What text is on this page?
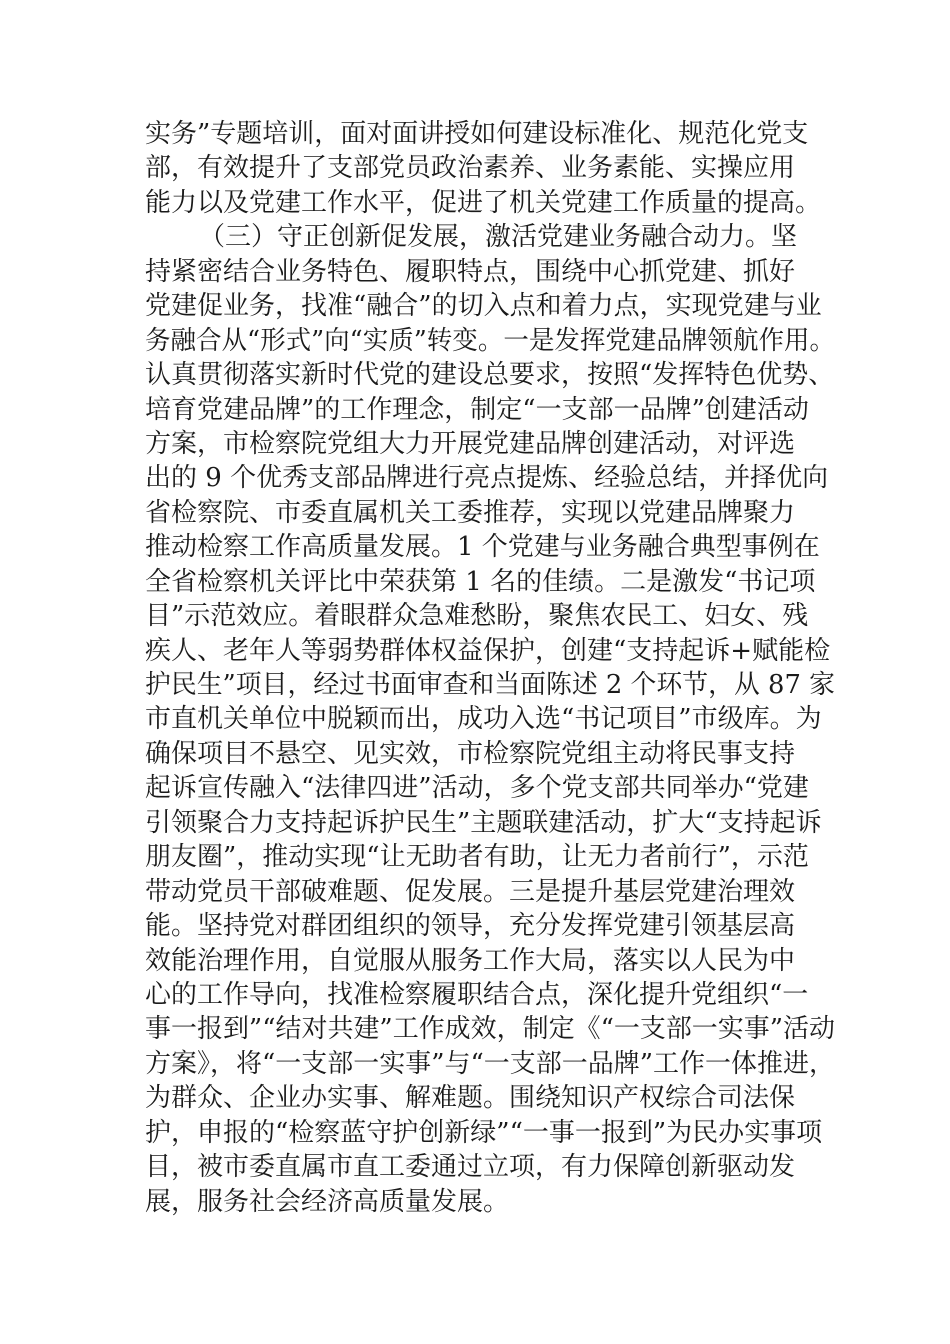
实务”专题培训，面对面讲授如何建设标准化、规范化党支
部，有效提升了支部党员政治素养、业务素能、实操应用
能力以及党建工作水平，促进了机关党建工作质量的提高。
（三）守正创新促发展，激活党建业务融合动力。坚
持紧密结合业务特色、履职特点，围绕中心抓党建、抓好
党建促业务，找准“融合”的切入点和着力点，实现党建与业
务融合从“形式”向“实质”转变。一是发挥党建品牌领航作用。
认真贯彻落实新时代党的建设总要求，按照“发挥特色优势、
培育党建品牌”的工作理念，制定“一支部一品牌”创建活动
方案，市检察院党组大力开展党建品牌创建活动，对评选
出的 9 个优秀支部品牌进行亮点提炼、经验总结，并择优向
省检察院、市委直属机关工委推荐，实现以党建品牌聚力
推动检察工作高质量发展。1 个党建与业务融合典型事例在
全省检察机关评比中荣获第 1 名的佳绩。二是激发“书记项
目”示范效应。着眼群众急难愁盼，聚焦农民工、妇女、残
疾人、老年人等弱势群体权益保护，创建“支持起诉+赋能检
护民生”项目，经过书面审查和当面陈述 2 个环节，从 87 家
市直机关单位中脱颖而出，成功入选“书记项目”市级库。为
确保项目不悬空、见实效，市检察院党组主动将民事支持
起诉宣传融入“法律四进”活动，多个党支部共同举办“党建
引领聚合力支持起诉护民生”主题联建活动，扩大“支持起诉
朋友圈”，推动实现“让无助者有助，让无力者前行”，示范
带动党员干部破难题、促发展。三是提升基层党建治理效
能。坚持党对群团组织的领导，充分发挥党建引领基层高
效能治理作用，自觉服从服务工作大局，落实以人民为中
心的工作导向，找准检察履职结合点，深化提升党组织“一
事一报到”“结对共建”工作成效，制定《“一支部一实事”活动
方案》，将“一支部一实事”与“一支部一品牌”工作一体推进，
为群众、企业办实事、解难题。围绕知识产权综合司法保
护，申报的“检察蓝守护创新绿”“一事一报到”为民办实事项
目，被市委直属市直工委通过立项，有力保障创新驱动发
展，服务社会经济高质量发展。
